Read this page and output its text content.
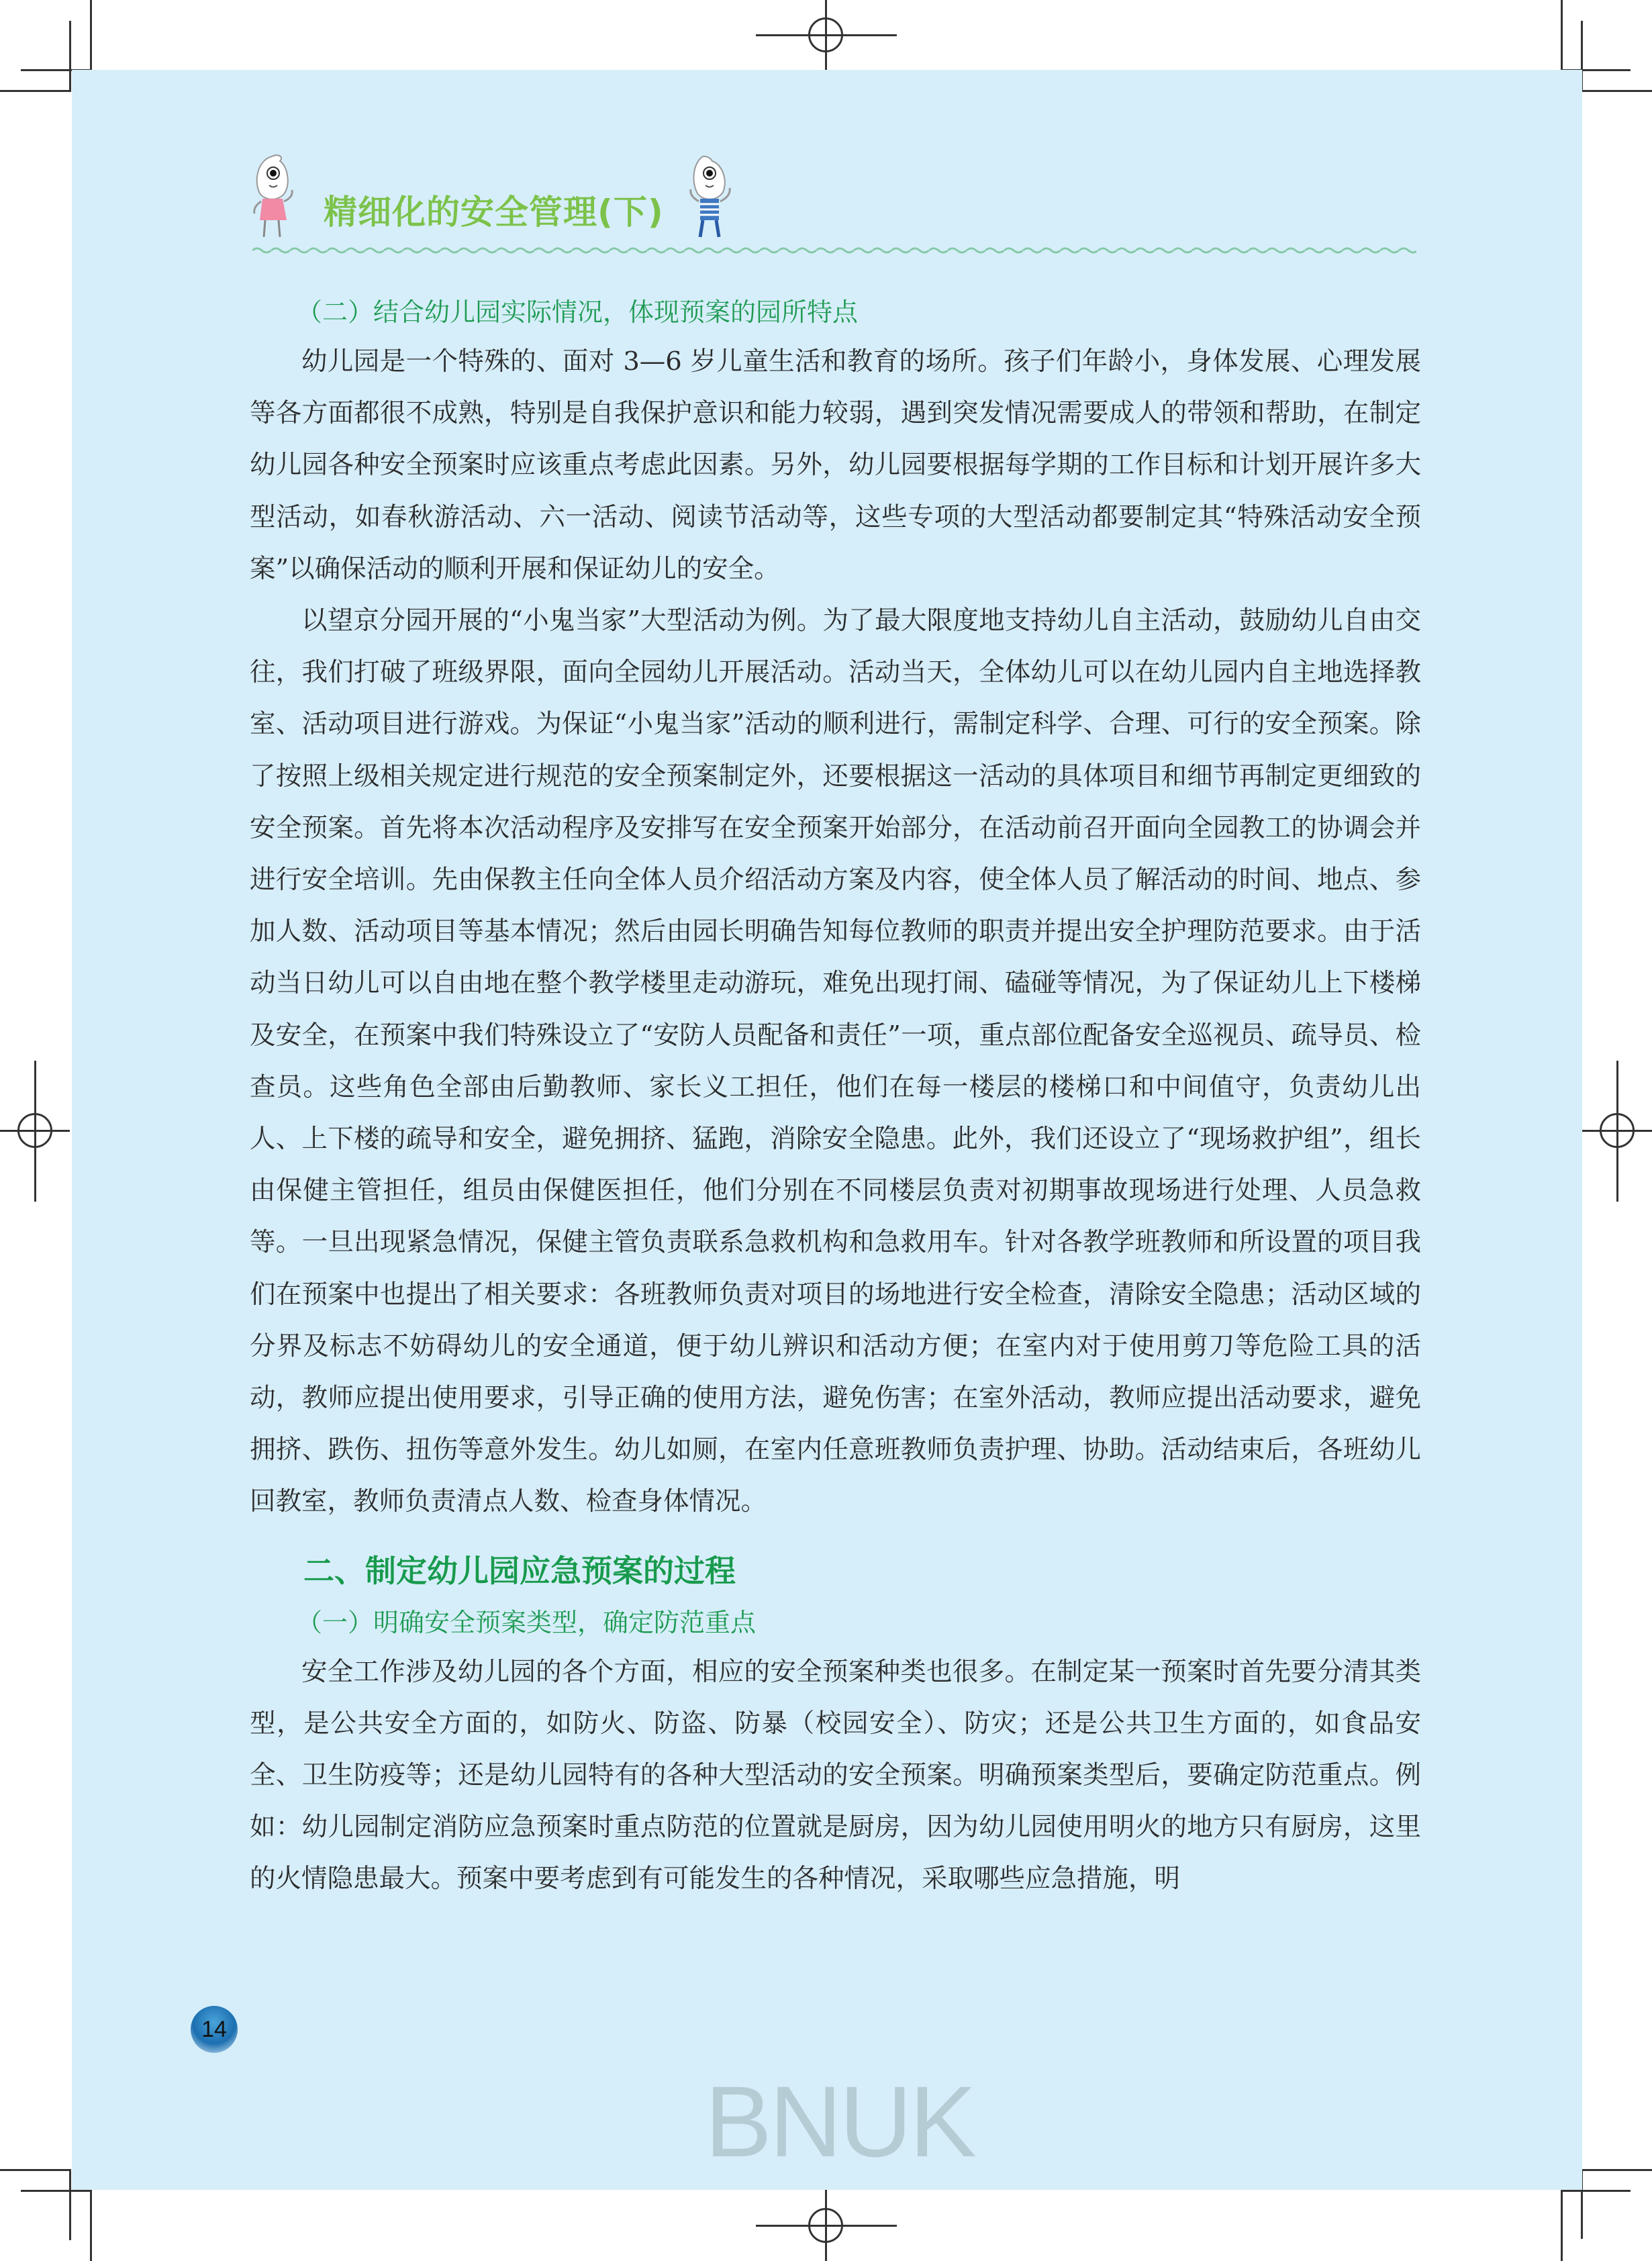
精细化的安全管理(下)
（二）结合幼儿园实际情况，体现预案的园所特点

幼儿园是一个特殊的、面对 3—6 岁儿童生活和教育的场所。孩子们年龄小，身体发展、心理发展等各方面都很不成熟，特别是自我保护意识和能力较弱，遇到突发情况需要成人的带领和帮助，在制定幼儿园各种安全预案时应该重点考虑此因素。另外，幼儿园要根据每学期的工作目标和计划开展许多大型活动，如春秋游活动、六一活动、阅读节活动等，这些专项的大型活动都要制定其“特殊活动安全预案”以确保活动的顺利开展和保证幼儿的安全。

以望京分园开展的“小鬼当家”大型活动为例。为了最大限度地支持幼儿自主活动，鼓励幼儿自由交往，我们打破了班级界限，面向全园幼儿开展活动。活动当天，全体幼儿可以在幼儿园内自主地选择教室、活动项目进行游戏。为保证“小鬼当家”活动的顺利进行，需制定科学、合理、可行的安全预案。除了按照上级相关规定进行规范的安全预案制定外，还要根据这一活动的具体项目和细节再制定更细致的安全预案。首先将本次活动程序及安排写在安全预案开始部分，在活动前召开面向全园教工的协调会并进行安全培训。先由保教主任向全体人员介绍活动方案及内容，使全体人员了解活动的时间、地点、参加人数、活动项目等基本情况；然后由园长明确告知每位教师的职责并提出安全护理防范要求。由于活动当日幼儿可以自由地在整个教学楼里走动游玩，难免出现打闹、磕碰等情况，为了保证幼儿上下楼梯及安全，在预案中我们特殊设立了“安防人员配备和责任”一项，重点部位配备安全巡视员、疏导员、检查员。这些角色全部由后勤教师、家长义工担任，他们在每一楼层的楼梯口和中间值守，负责幼儿出人、上下楼的疏导和安全，避免拥挤、猛跑，消除安全隐患。此外，我们还设立了“现场救护组”，组长由保健主管担任，组员由保健医担任，他们分别在不同楼层负责对初期事故现场进行处理、人员急救等。一旦出现紧急情况，保健主管负责联系急救机构和急救用车。针对各教学班教师和所设置的项目我们在预案中也提出了相关要求：各班教师负责对项目的场地进行安全检查，清除安全隐患；活动区域的分界及标志不妨碍幼儿的安全通道，便于幼儿辨识和活动方便；在室内对于使用剪刀等危险工具的活动，教师应提出使用要求，引导正确的使用方法，避免伤害；在室外活动，教师应提出活动要求，避免拥挤、跌伤、扭伤等意外发生。幼儿如厕，在室内任意班教师负责护理、协助。活动结束后，各班幼儿回教室，教师负责清点人数、检查身体情况。

二、制定幼儿园应急预案的过程
（一）明确安全预案类型，确定防范重点

安全工作涉及幼儿园的各个方面，相应的安全预案种类也很多。在制定某一预案时首先要分清其类型，是公共安全方面的，如防火、防盗、防暴（校园安全）、防灾；还是公共卫生方面的，如食品安全、卫生防疫等；还是幼儿园特有的各种大型活动的安全预案。明确预案类型后，要确定防范重点。例如：幼儿园制定消防应急预案时重点防范的位置就是厨房，因为幼儿园使用明火的地方只有厨房，这里的火情隐患最大。预案中要考虑到有可能发生的各种情况，采取哪些应急措施，明

14
BNUK
